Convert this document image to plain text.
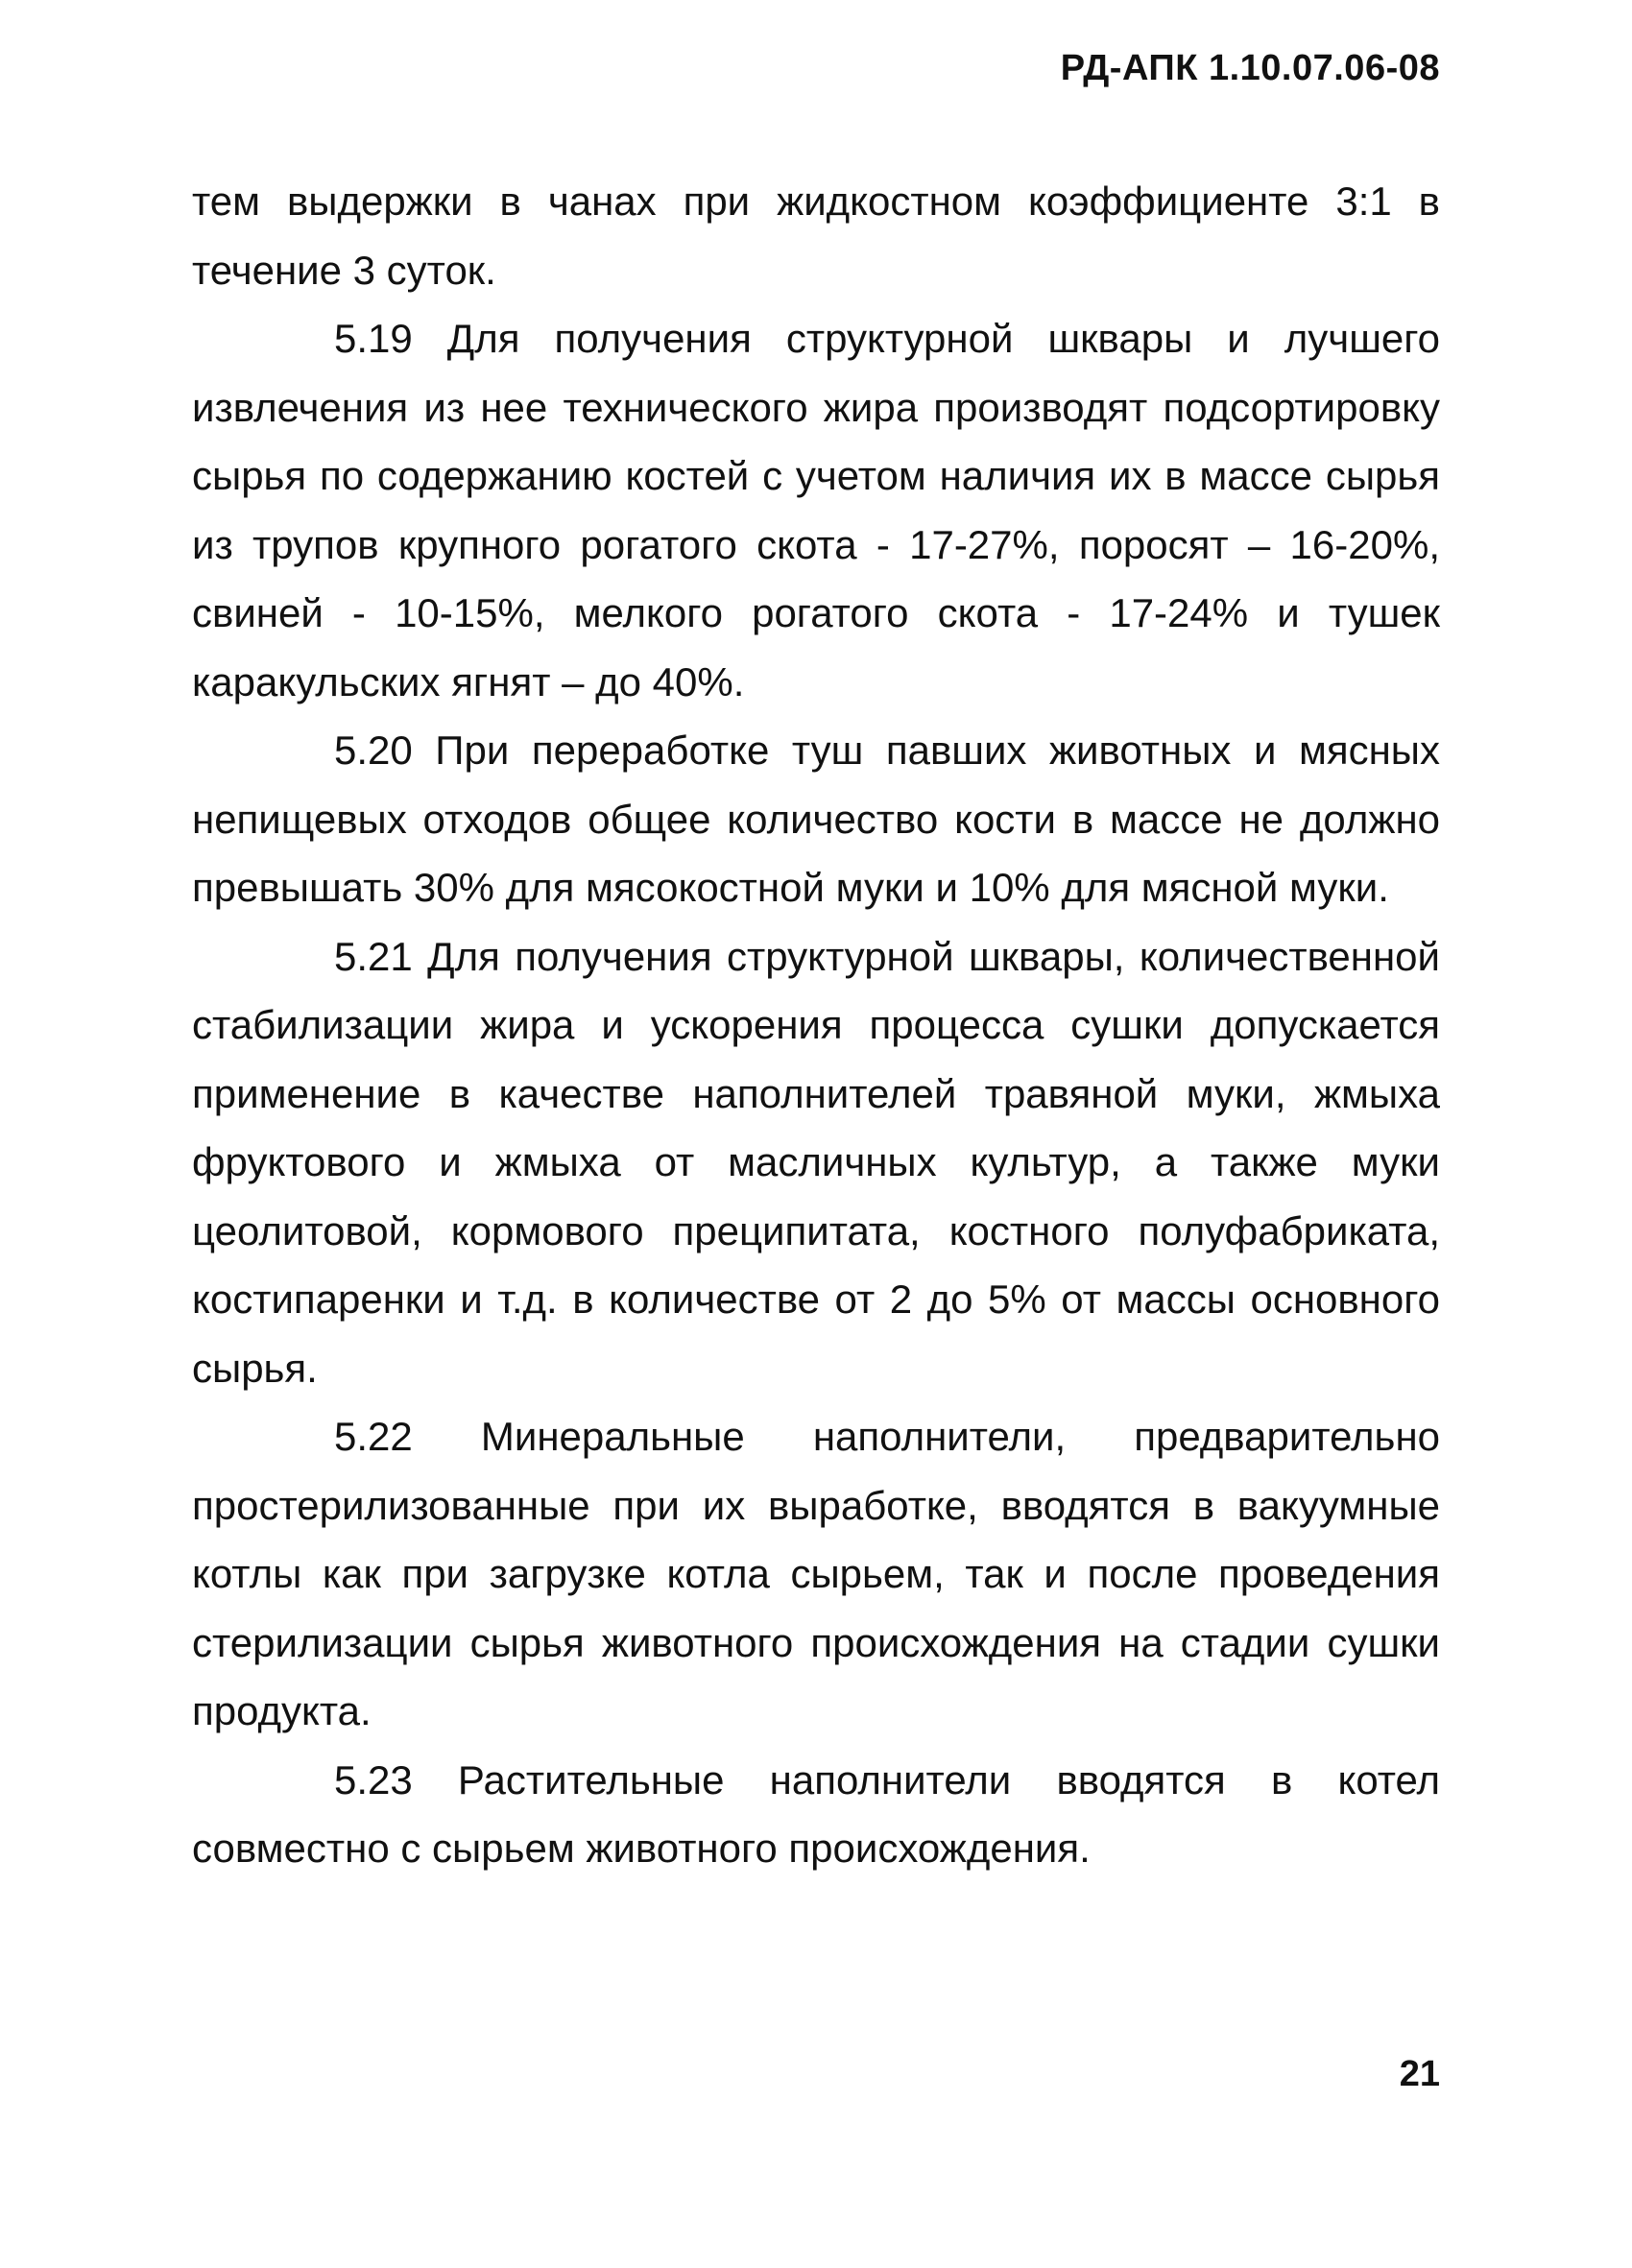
РД-АПК 1.10.07.06-08

тем выдержки в чанах при жидкостном коэффициенте 3:1 в течение 3 суток.

5.19 Для получения структурной шквары и лучшего извлечения из нее технического жира производят подсортировку сырья по содержанию костей с учетом наличия их в массе сырья из трупов крупного рогатого скота - 17-27%, поросят – 16-20%, свиней - 10-15%, мелкого рогатого скота - 17-24% и тушек каракульских ягнят – до 40%.

5.20 При переработке туш павших животных и мясных непищевых отходов общее количество кости в массе не должно превышать 30% для мясокостной муки и 10% для мясной муки.

5.21 Для получения структурной шквары, количественной стабилизации жира и ускорения процесса сушки допускается применение в качестве наполнителей травяной муки, жмыха фруктового и жмыха от масличных культур, а также муки цеолитовой, кормового преципитата, костного полуфабриката, костипаренки и т.д. в количестве от 2 до 5% от массы основного сырья.

5.22 Минеральные наполнители, предварительно простерилизованные при их выработке, вводятся в вакуумные котлы как при загрузке котла сырьем, так и после проведения стерилизации сырья животного происхождения на стадии сушки продукта.

5.23 Растительные наполнители вводятся в котел совместно с сырьем животного происхождения.

21
